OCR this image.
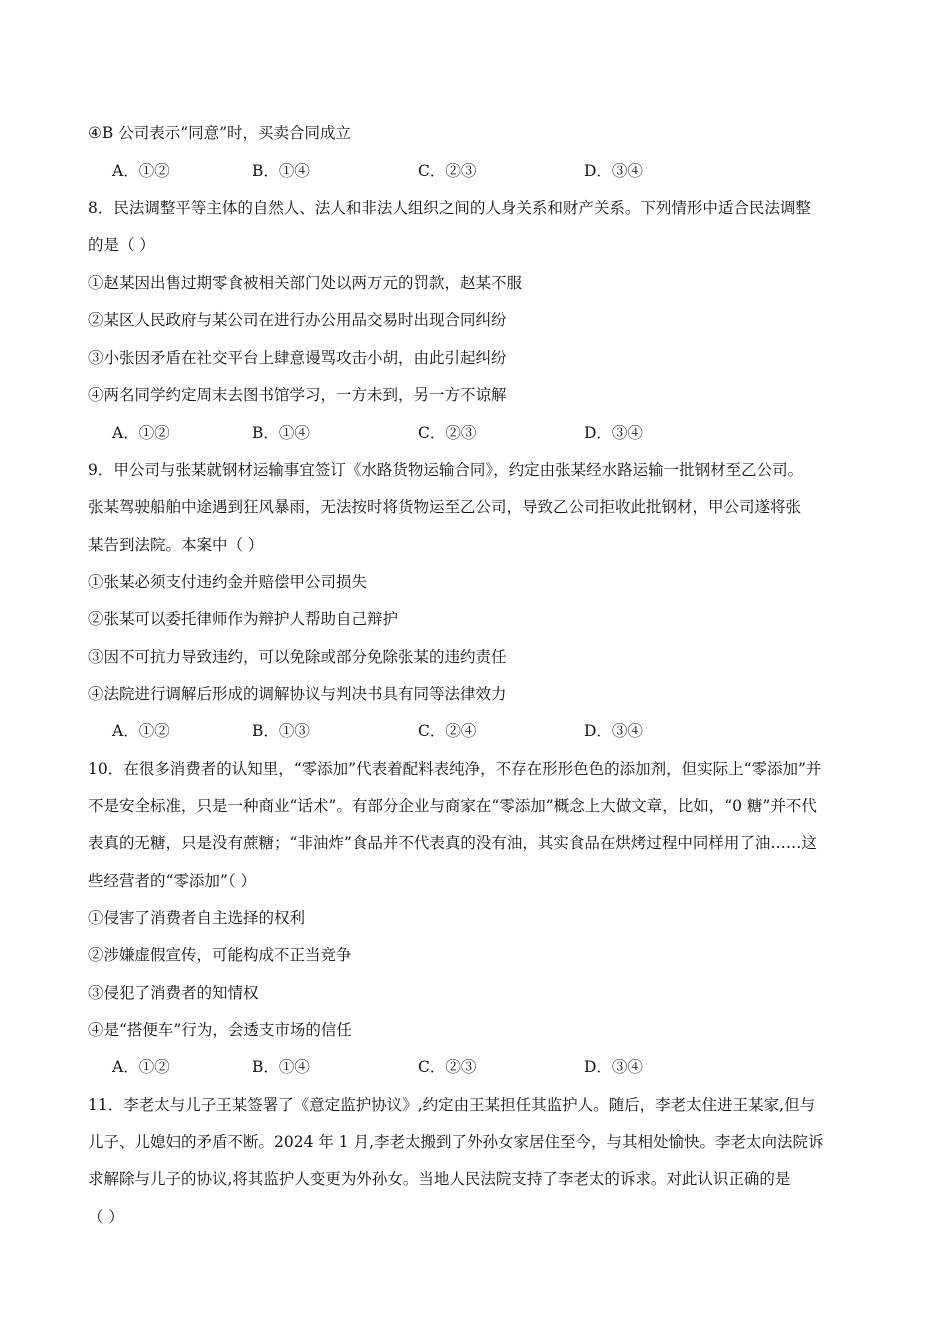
④B 公司表示“同意”时，买卖合同成立
A．①②	B．①④	C．②③	D．③④
8．民法调整平等主体的自然人、法人和非法人组织之间的人身关系和财产关系。下列情形中适合民法调整
的是（ ）
①赵某因出售过期零食被相关部门处以两万元的罚款，赵某不服
②某区人民政府与某公司在进行办公用品交易时出现合同纠纷
③小张因矛盾在社交平台上肆意谩骂攻击小胡，由此引起纠纷
④两名同学约定周末去图书馆学习，一方未到，另一方不谅解
A．①②	B．①④	C．②③	D．③④
9．甲公司与张某就钢材运输事宜签订《水路货物运输合同》，约定由张某经水路运输一批钢材至乙公司。
张某驾驶船舶中途遇到狂风暴雨，无法按时将货物运至乙公司，导致乙公司拒收此批钢材，甲公司遂将张
某告到法院。本案中（ ）
①张某必须支付违约金并赔偿甲公司损失
②张某可以委托律师作为辩护人帮助自己辩护
③因不可抗力导致违约，可以免除或部分免除张某的违约责任
④法院进行调解后形成的调解协议与判决书具有同等法律效力
A．①②	B．①③	C．②④	D．③④
10．在很多消费者的认知里，“零添加”代表着配料表纯净，不存在形形色色的添加剂，但实际上“零添加”并
不是安全标准，只是一种商业“话术”。有部分企业与商家在“零添加”概念上大做文章，比如，“0 糖”并不代
表真的无糖，只是没有蔗糖；“非油炸”食品并不代表真的没有油，其实食品在烘烤过程中同样用了油……这
些经营者的“零添加”（ ）
①侵害了消费者自主选择的权利
②涉嫌虚假宣传，可能构成不正当竞争
③侵犯了消费者的知情权
④是“搭便车”行为，会透支市场的信任
A．①②	B．①④	C．②③	D．③④
11．李老太与儿子王某签署了《意定监护协议》,约定由王某担任其监护人。随后，李老太住进王某家,但与
儿子、儿媳妇的矛盾不断。2024 年 1 月,李老太搬到了外孙女家居住至今，与其相处愉快。李老太向法院诉
求解除与儿子的协议,将其监护人变更为外孙女。当地人民法院支持了李老太的诉求。对此认识正确的是
（ ）
